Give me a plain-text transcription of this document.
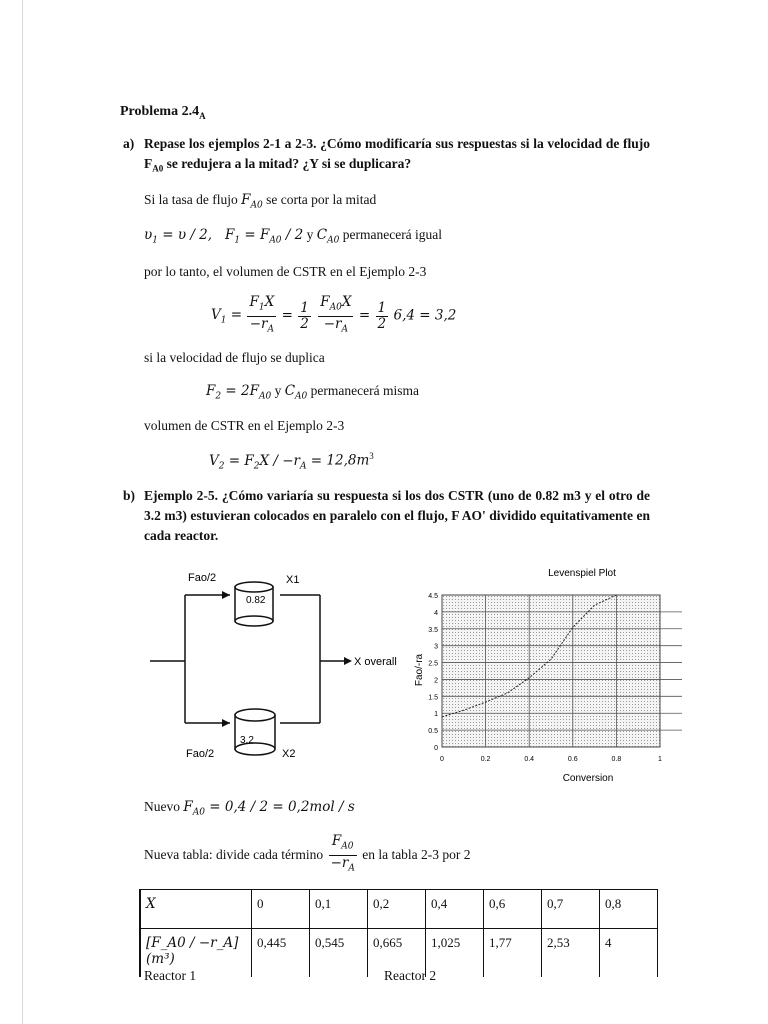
Problema $2.4_A$
a) Repase los ejemplos 2-1 a 2-3. ¿Cómo modificaría sus respuestas si la velocidad de flujo $F_{A0}$ se redujera a la mitad? ¿Y si se duplicara?
Si la tasa de flujo $F_{A0}$ se corta por la mitad
$\upsilon_1 = \upsilon / 2$,   $F_1 = F_{A0} / 2$ y $C_{A0}$ permanecerá igual
por lo tanto, el volumen de CSTR en el Ejemplo 2-3
$V_1 = \frac{F_1X}{-r_A} = \frac{1}{2}$
$\frac{F_{A0}X}{-r_A} = \frac{1}{2} 6,4 = 3,2$
si la velocidad de flujo se duplica
$F_2 = 2F_{A0}$ y $C_{A0}$ permanecerá misma
volumen de CSTR en el Ejemplo 2-3
$V_2 = F_2X / -r_A = 12,8m^3$
b) Ejemplo 2-5. ¿Cómo variaría su respuesta si los dos CSTR (uno de 0.82 m3 y el otro de 3.2 m3) estuvieran colocados en paralelo con el flujo, F AO' dividido equitativamente en cada reactor.
Fao/2	X1
0.82
Fao/2	X2
3.2
X overall
Levenspiel Plot
0
0.5
1
1.5
2
2.5
3
3.5
4
4.5
0	0.2	0.4	0.6	0.8	1
Conversion
Fao/-ra
Nuevo $F_{A0} = 0,4 / 2 = 0,2mol / s$
Nueva tabla: divide cada término $\frac{F_{A0}}{-r_A}$ en la tabla 2-3 por 2
X	0	0,1	0,2	0,4	0,6	0,7	0,8
[F_A0 / −r_A](m³)	0,445	0,545	0,665	1,025	1,77	2,53	4
Reactor 1	Reactor 2
